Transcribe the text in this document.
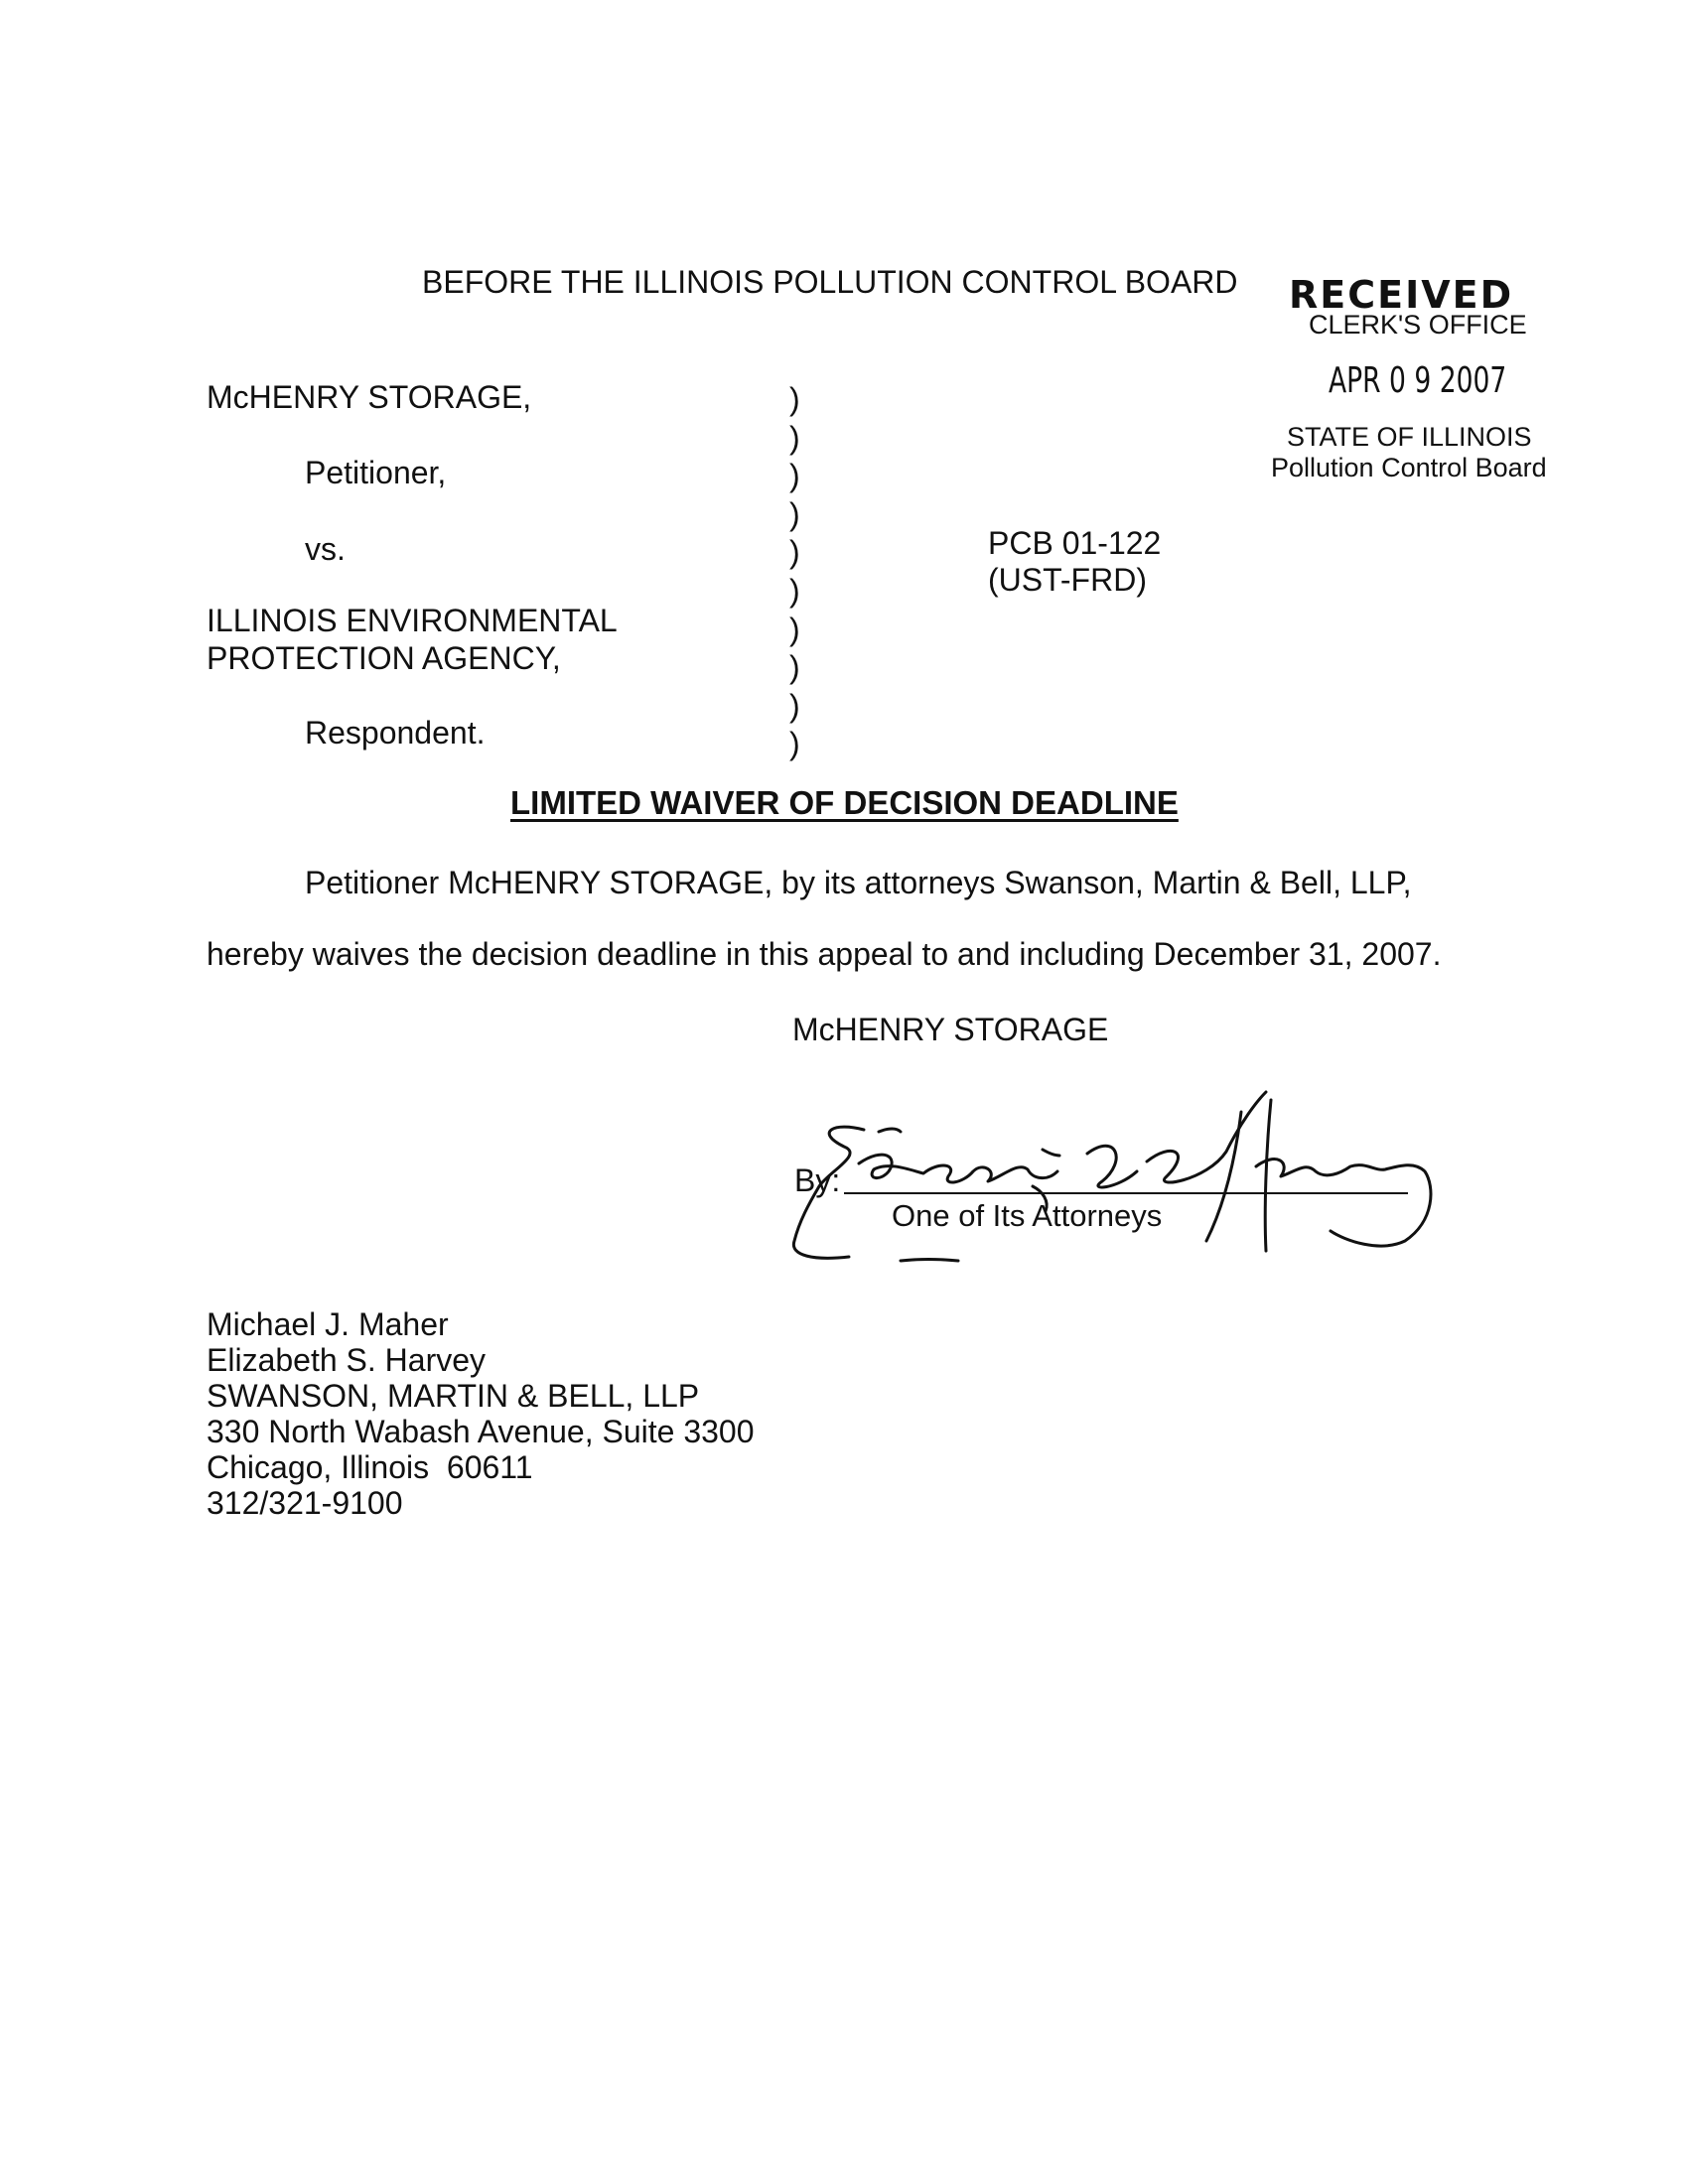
BEFORE THE ILLINOIS POLLUTION CONTROL BOARD RECEIVED
CLERK'S OFFICE
APR 0 9 2007
STATE OF ILLINOIS
Pollution Control Board
McHENRY STORAGE,
Petitioner,
vs.
ILLINOIS ENVIRONMENTAL
PROTECTION AGENCY,
Respondent.
)
)
)
)
)
)
)
)
)
)
PCB 01-122
(UST-FRD)
LIMITED WAIVER OF DECISION DEADLINE
Petitioner McHENRY STORAGE, by its attorneys Swanson, Martin & Bell, LLP,
hereby waives the decision deadline in this appeal to and including December 31, 2007.
McHENRY STORAGE
By:
One of Its Attorneys
Michael J. Maher
Elizabeth S. Harvey
SWANSON, MARTIN & BELL, LLP
330 North Wabash Avenue, Suite 3300
Chicago, Illinois  60611
312/321-9100
